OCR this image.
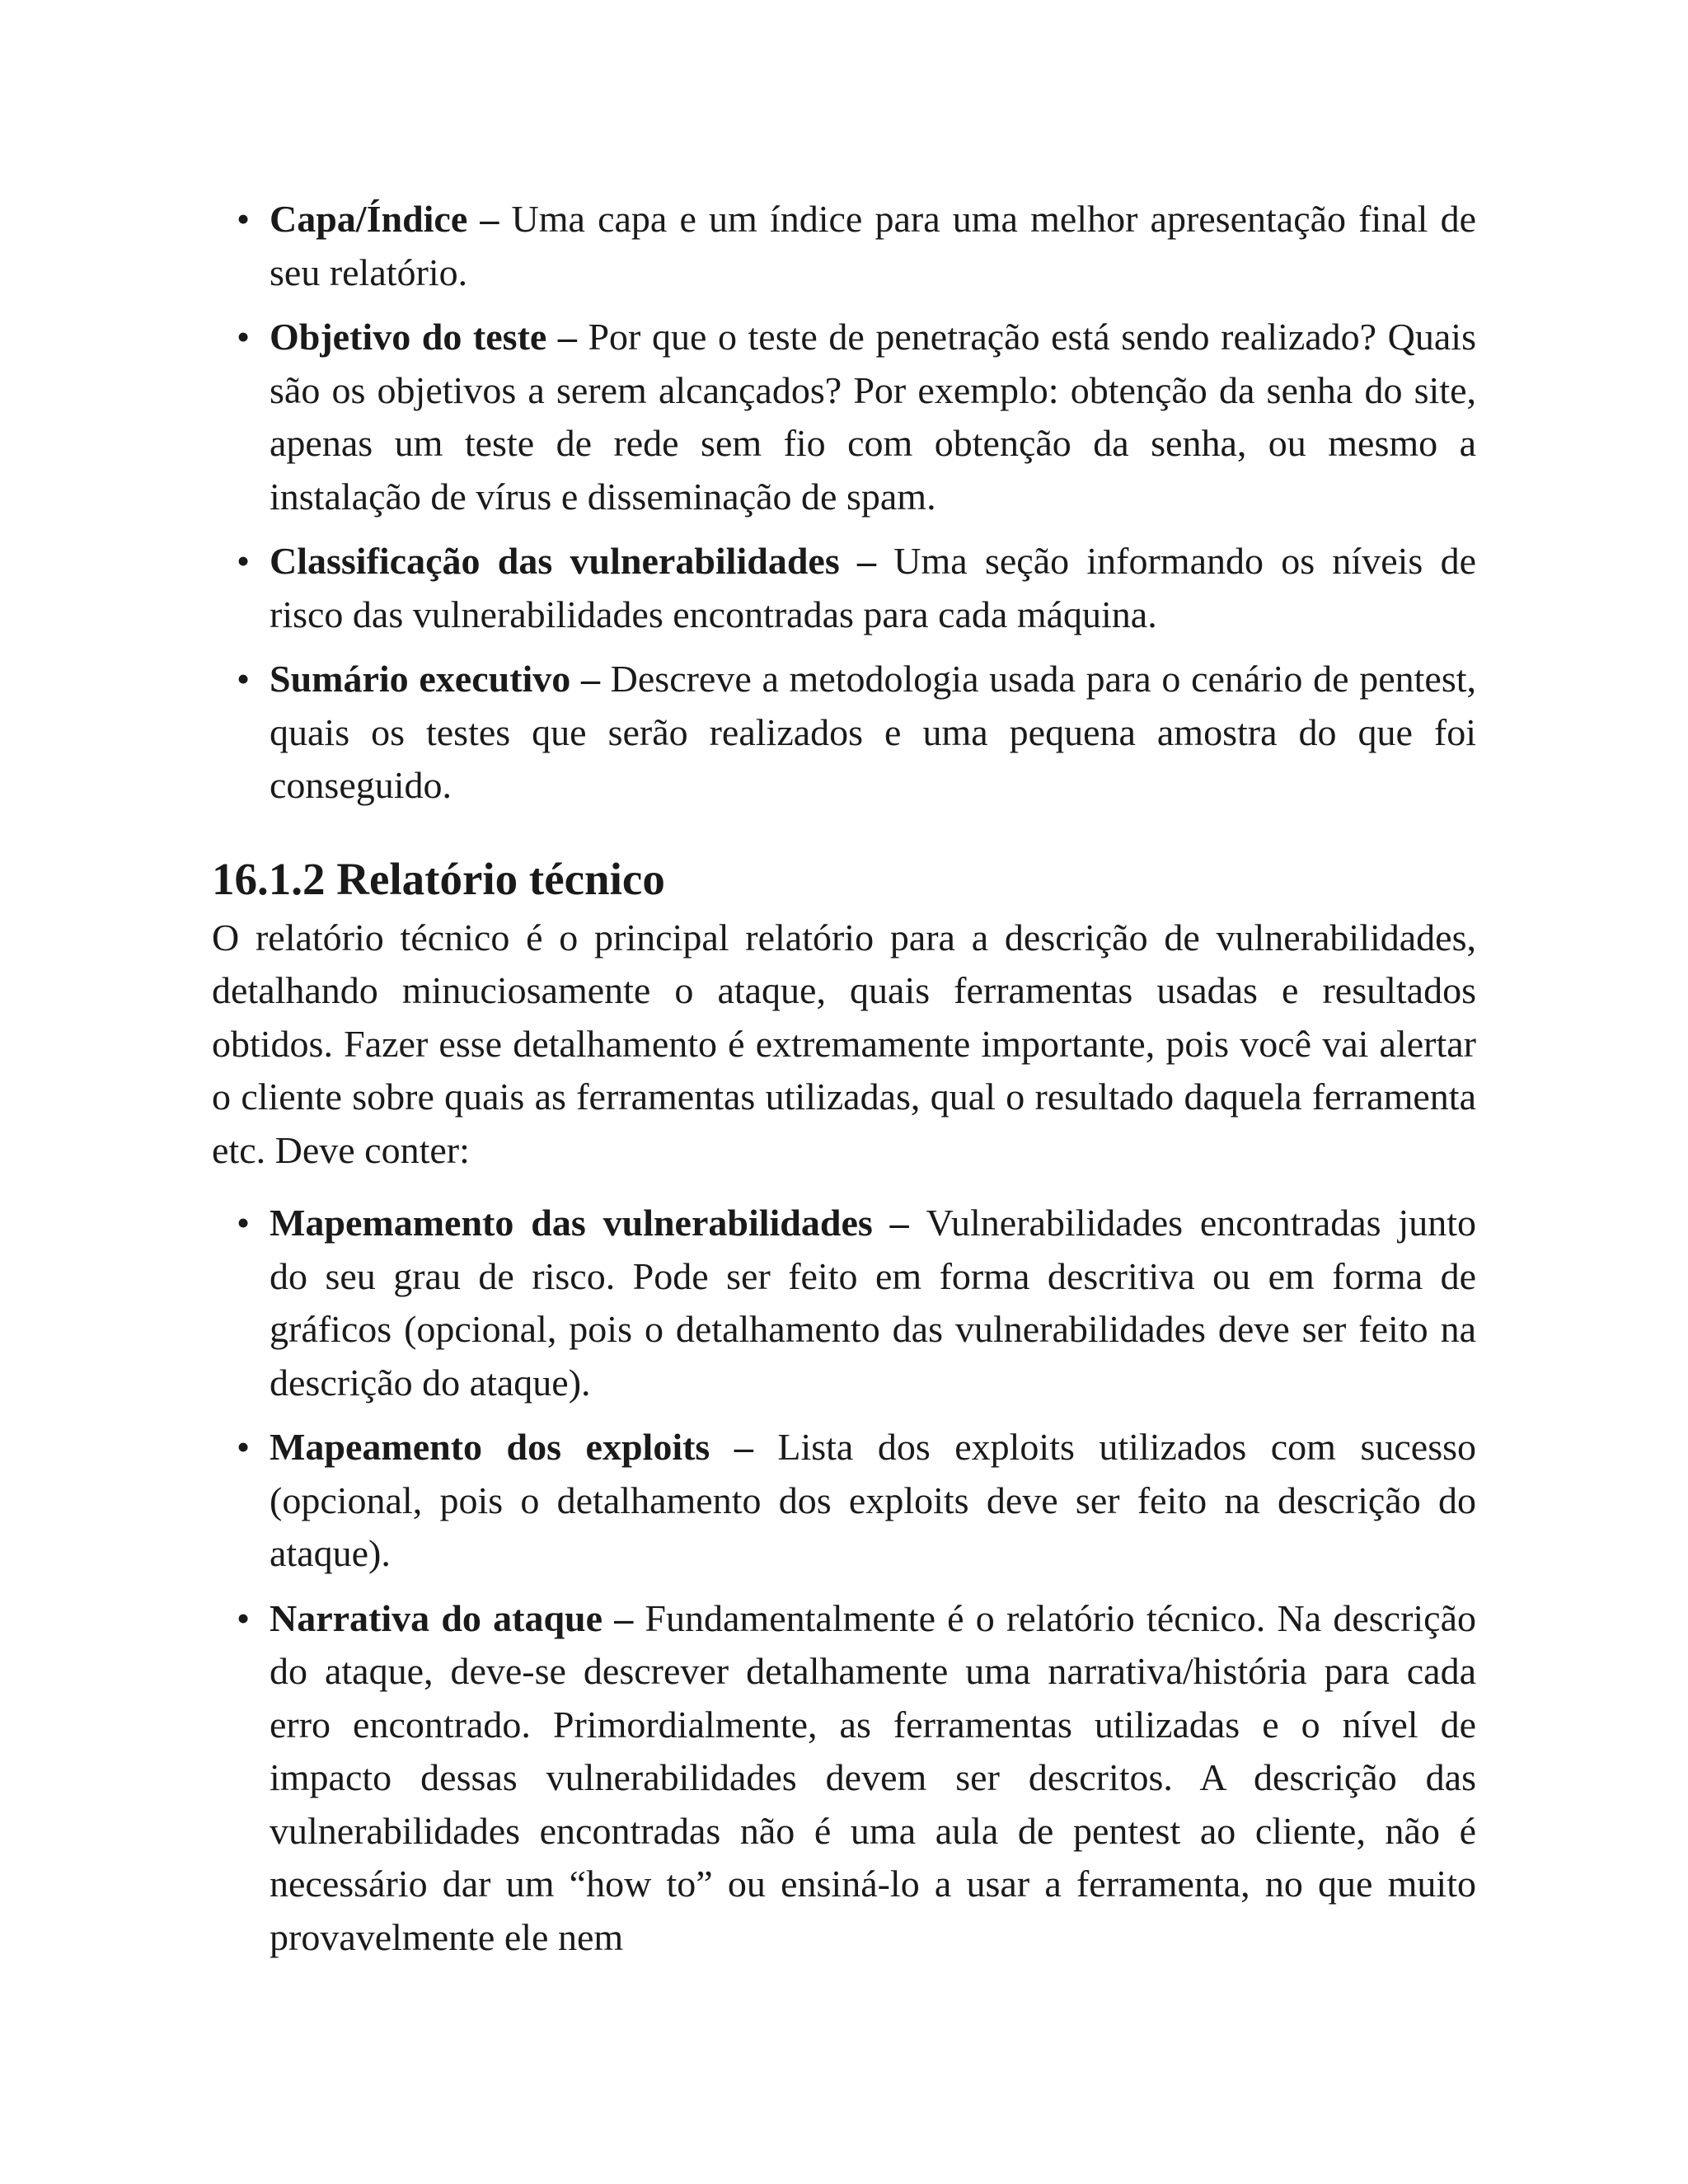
• Capa/Índice – Uma capa e um índice para uma melhor apresentação final de seu relatório.
• Objetivo do teste – Por que o teste de penetração está sendo realizado? Quais são os objetivos a serem alcançados? Por exemplo: obtenção da senha do site, apenas um teste de rede sem fio com obtenção da senha, ou mesmo a instalação de vírus e disseminação de spam.
• Classificação das vulnerabilidades – Uma seção informando os níveis de risco das vulnerabilidades encontradas para cada máquina.
• Sumário executivo – Descreve a metodologia usada para o cenário de pentest, quais os testes que serão realizados e uma pequena amostra do que foi conseguido.
16.1.2 Relatório técnico

O relatório técnico é o principal relatório para a descrição de vulnerabilidades, detalhando minuciosamente o ataque, quais ferramentas usadas e resultados obtidos. Fazer esse detalhamento é extremamente importante, pois você vai alertar o cliente sobre quais as ferramentas utilizadas, qual o resultado daquela ferramenta etc. Deve conter:

• Mapemamento das vulnerabilidades – Vulnerabilidades encontradas junto do seu grau de risco. Pode ser feito em forma descritiva ou em forma de gráficos (opcional, pois o detalhamento das vulnerabilidades deve ser feito na descrição do ataque).
• Mapeamento dos exploits – Lista dos exploits utilizados com sucesso (opcional, pois o detalhamento dos exploits deve ser feito na descrição do ataque).
• Narrativa do ataque – Fundamentalmente é o relatório técnico. Na descrição do ataque, deve-se descrever detalhamente uma narrativa/história para cada erro encontrado. Primordialmente, as ferramentas utilizadas e o nível de impacto dessas vulnerabilidades devem ser descritos. A descrição das vulnerabilidades encontradas não é uma aula de pentest ao cliente, não é necessário dar um “how to” ou ensiná-lo a usar a ferramenta, no que muito provavelmente ele nem
